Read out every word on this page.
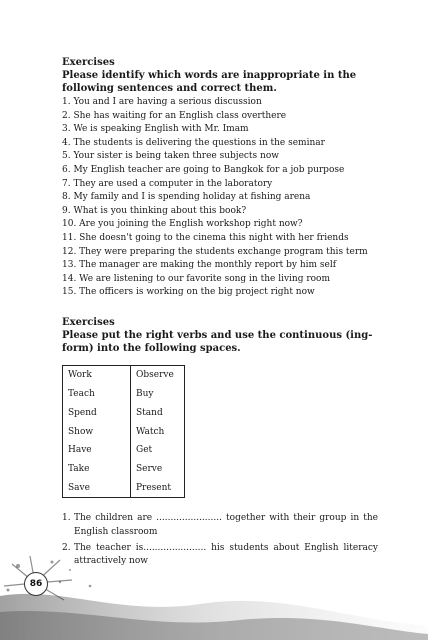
Exercises
Please identify which words are inappropriate in the following sentences and correct them.
1. You and I are having a serious discussion
2. She has waiting for an English class overthere
3. We is speaking English with Mr. Imam
4. The students is delivering the questions in the seminar
5. Your sister is being taken three subjects now
6. My English teacher are going to Bangkok for a job purpose
7. They are used a computer in the laboratory
8. My family and I is spending holiday at fishing arena
9. What is you thinking about this book?
10. Are you joining the English workshop right now?
11. She doesn't going to the cinema this night with her friends
12. They were preparing the students exchange program this term
13. The manager are making the monthly report by him self
14. We are listening to our favorite song in the living room
15. The officers is working on the big project right now
Exercises
Please put the right verbs and use the continuous (ing-form) into the following spaces.
Work	Observe
Teach	Buy
Spend	Stand
Show	Watch
Have	Get
Take	Serve
Save	Present
1. The children are ....................... together with their group in the English classroom
2. The teacher is...................... his students about English literacy attractively now
86
